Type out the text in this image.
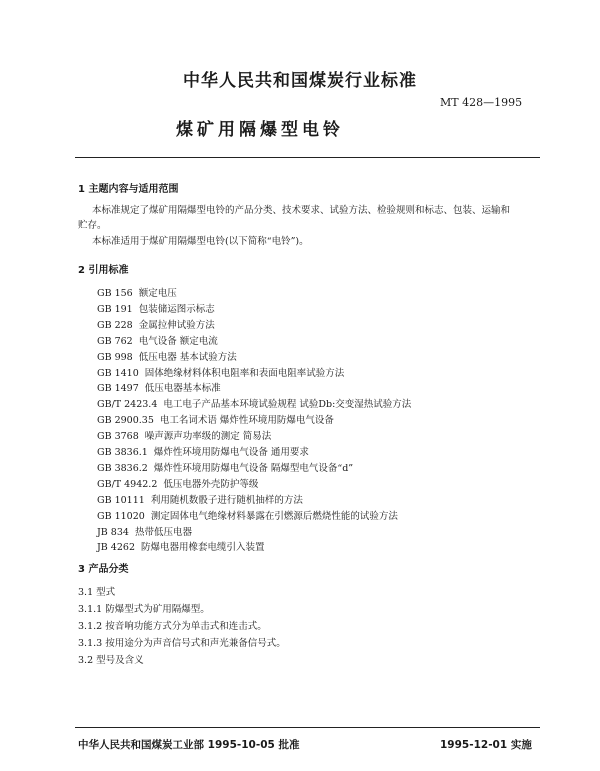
中华人民共和国煤炭行业标准
MT 428—1995
煤矿用隔爆型电铃
1 主题内容与适用范围
本标准规定了煤矿用隔爆型电铃的产品分类、技术要求、试验方法、检验规则和标志、包装、运输和
贮存。
本标准适用于煤矿用隔爆型电铃(以下简称“电铃”)。
2 引用标准
GB 156 额定电压
GB 191 包装储运图示标志
GB 228 金属拉伸试验方法
GB 762 电气设备 额定电流
GB 998 低压电器 基本试验方法
GB 1410 固体绝缘材料体积电阻率和表面电阻率试验方法
GB 1497 低压电器基本标准
GB/T 2423.4 电工电子产品基本环境试验规程 试验Db:交变湿热试验方法
GB 2900.35 电工名词术语 爆炸性环境用防爆电气设备
GB 3768 噪声源声功率级的测定 简易法
GB 3836.1 爆炸性环境用防爆电气设备 通用要求
GB 3836.2 爆炸性环境用防爆电气设备 隔爆型电气设备“d”
GB/T 4942.2 低压电器外壳防护等级
GB 10111 利用随机数骰子进行随机抽样的方法
GB 11020 测定固体电气绝缘材料暴露在引燃源后燃烧性能的试验方法
JB 834 热带低压电器
JB 4262 防爆电器用橡套电缆引入装置
3 产品分类
3.1 型式
3.1.1 防爆型式为矿用隔爆型。
3.1.2 按音响功能方式分为单击式和连击式。
3.1.3 按用途分为声音信号式和声光兼备信号式。
3.2 型号及含义
中华人民共和国煤炭工业部 1995-10-05 批准	1995-12-01 实施
